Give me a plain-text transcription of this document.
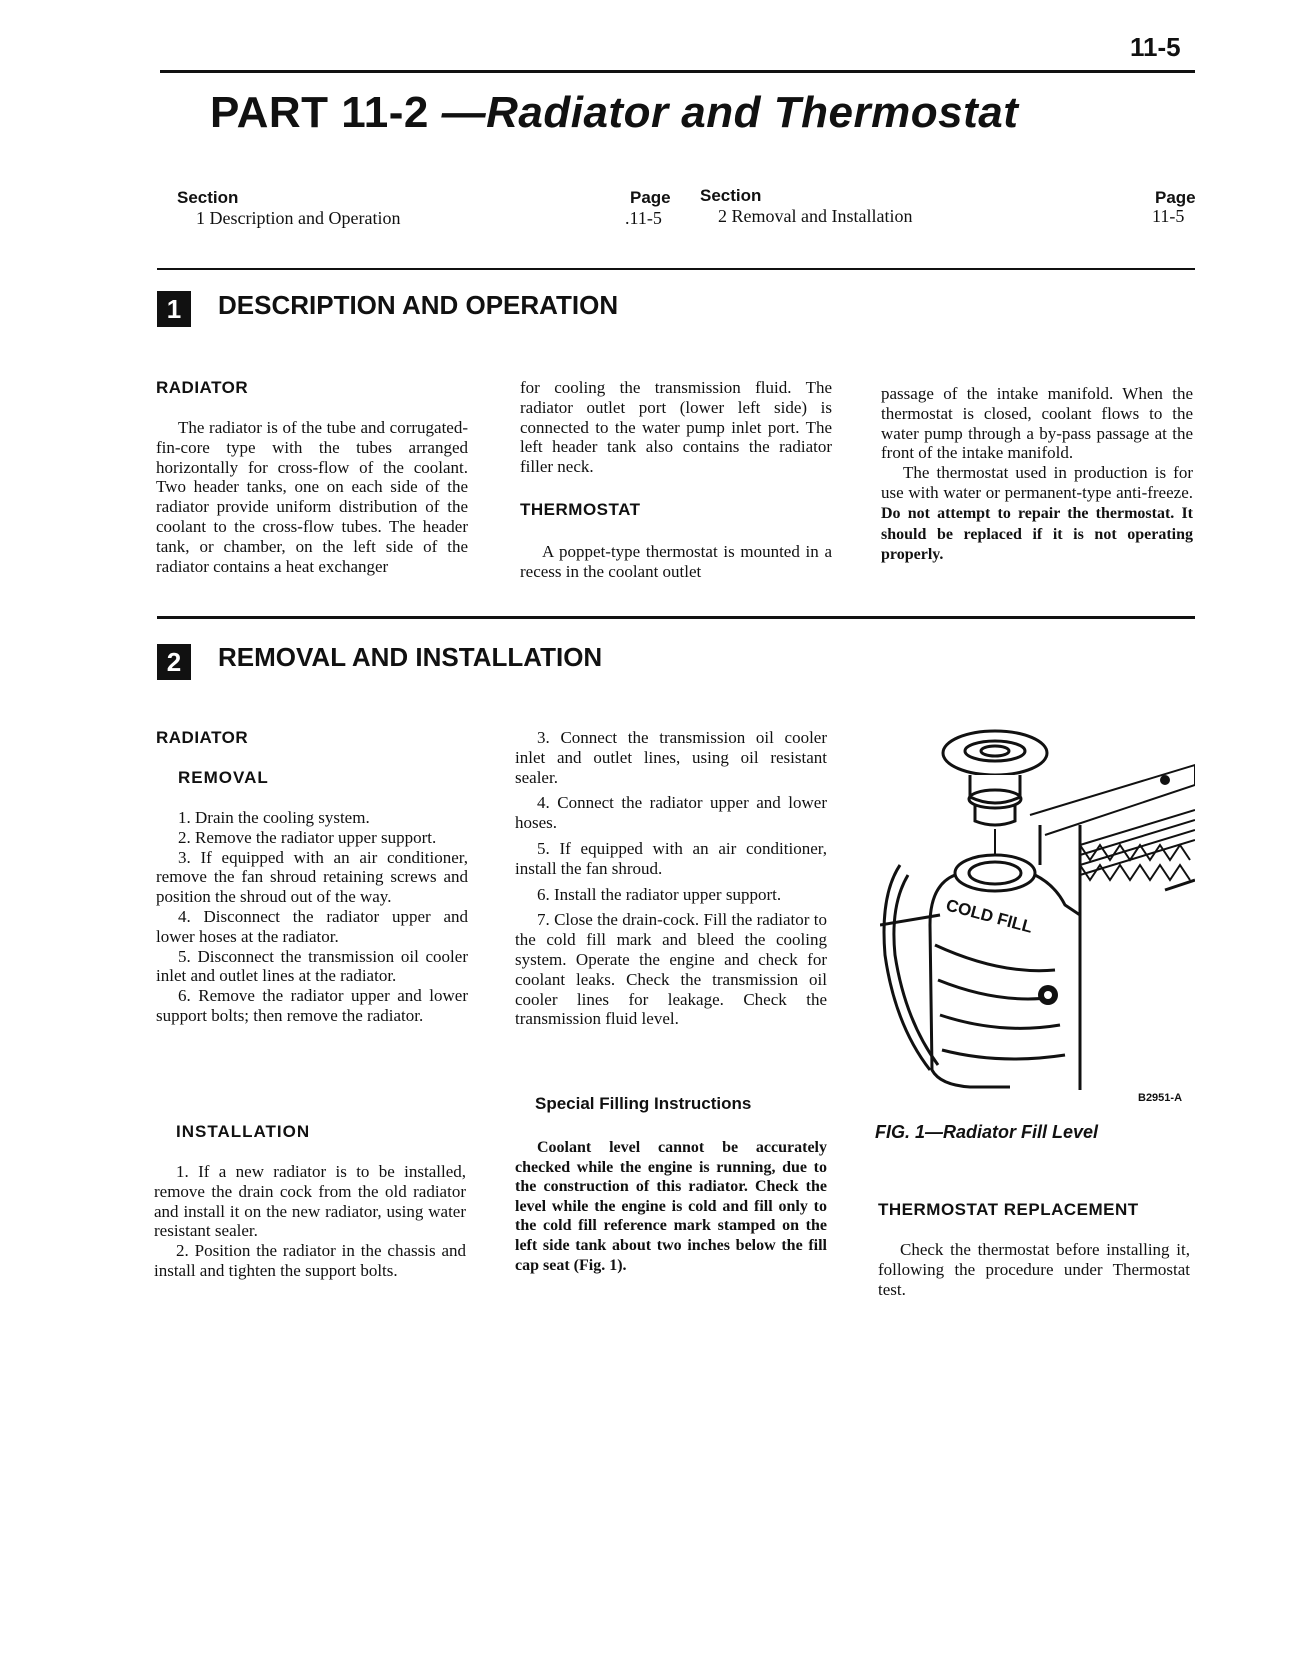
11-5
PART 11-2 —Radiator and Thermostat
Section
1 Description and Operation
Page
.11-5
Section
2 Removal and Installation
Page
11-5
1	DESCRIPTION AND OPERATION
RADIATOR

The radiator is of the tube and corrugated-fin-core type with the tubes arranged horizontally for cross-flow of the coolant. Two header tanks, one on each side of the radiator provide uniform distribution of the coolant to the cross-flow tubes. The header tank, or chamber, on the left side of the radiator contains a heat exchanger

for cooling the transmission fluid. The radiator outlet port (lower left side) is connected to the water pump inlet port. The left header tank also contains the radiator filler neck.

THERMOSTAT

A poppet-type thermostat is mounted in a recess in the coolant outlet

passage of the intake manifold. When the thermostat is closed, coolant flows to the water pump through a by-pass passage at the front of the intake manifold.

The thermostat used in production is for use with water or permanent-type anti-freeze. Do not attempt to repair the thermostat. It should be replaced if it is not operating properly.

2	REMOVAL AND INSTALLATION
RADIATOR
REMOVAL

1. Drain the cooling system.

2. Remove the radiator upper support.

3. If equipped with an air conditioner, remove the fan shroud retaining screws and position the shroud out of the way.

4. Disconnect the radiator upper and lower hoses at the radiator.

5. Disconnect the transmission oil cooler inlet and outlet lines at the radiator.

6. Remove the radiator upper and lower support bolts; then remove the radiator.

INSTALLATION

1. If a new radiator is to be installed, remove the drain cock from the old radiator and install it on the new radiator, using water resistant sealer.

2. Position the radiator in the chassis and install and tighten the support bolts.

3. Connect the transmission oil cooler inlet and outlet lines, using oil resistant sealer.

4. Connect the radiator upper and lower hoses.

5. If equipped with an air conditioner, install the fan shroud.

6. Install the radiator upper support.

7. Close the drain-cock. Fill the radiator to the cold fill mark and bleed the cooling system. Operate the engine and check for coolant leaks. Check the transmission oil cooler lines for leakage. Check the transmission fluid level.

Special Filling Instructions

Coolant level cannot be accurately checked while the engine is running, due to the construction of this radiator. Check the level while the engine is cold and fill only to the cold fill reference mark stamped on the left side tank about two inches below the fill cap seat (Fig. 1).

COLD FILL
B2951-A
FIG. 1—Radiator Fill Level
THERMOSTAT REPLACEMENT

Check the thermostat before installing it, following the procedure under Thermostat test.
